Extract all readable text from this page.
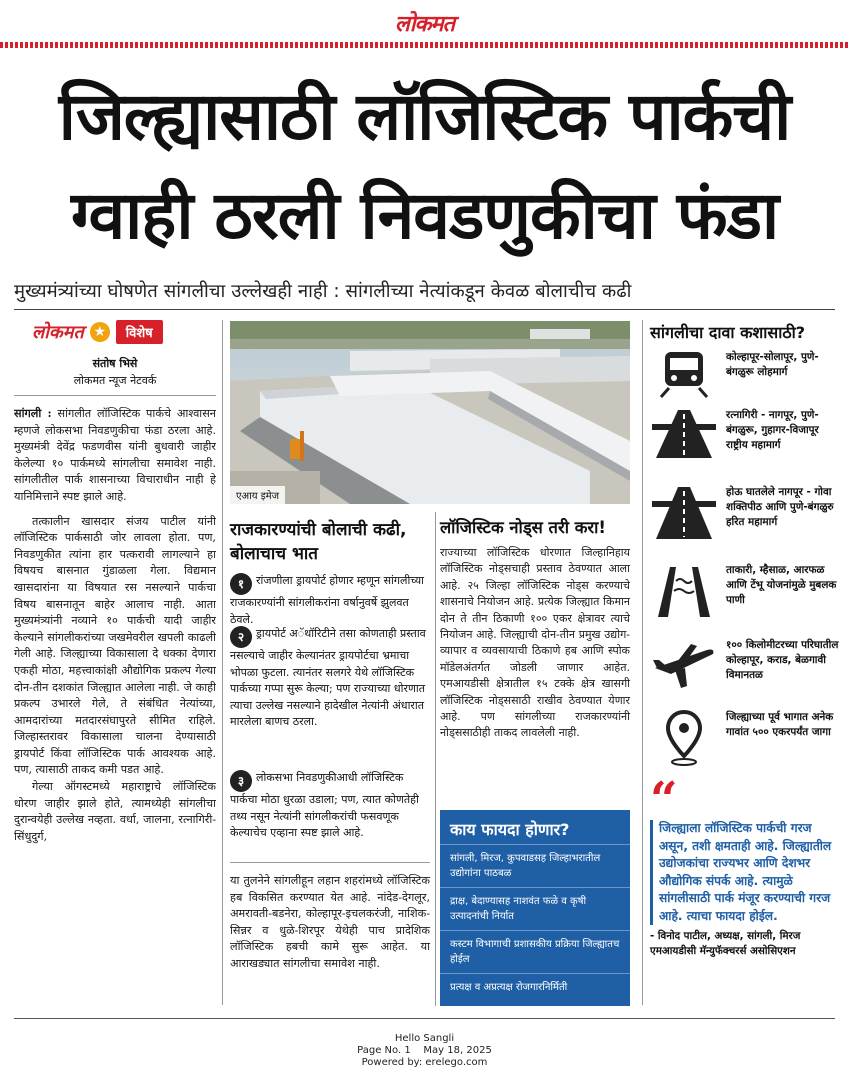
लोकमत
जिल्ह्यासाठी लॉजिस्टिक पार्कची
ग्वाही ठरली निवडणुकीचा फंडा
मुख्यमंत्र्यांच्या घोषणेत सांगलीचा उल्लेखही नाही : सांगलीच्या नेत्यांकडून केवळ बोलाचीच कढी
लोकमत ★	विशेष
संतोष भिसे
लोकमत न्यूज नेटवर्क

सांगली : सांगलीत लॉजिस्टिक पार्कचे आश्वासन म्हणजे लोकसभा निवडणुकीचा फंडा ठरला आहे. मुख्यमंत्री देवेंद्र फडणवीस यांनी बुधवारी जाहीर केलेल्या १० पार्कमध्ये सांगलीचा समावेश नाही. सांगलीतील पार्क शासनाच्या विचाराधीन नाही हे यानिमित्ताने स्पष्ट झाले आहे.

तत्कालीन खासदार संजय पाटील यांनी लॉजिस्टिक पार्कसाठी जोर लावला होता. पण, निवडणुकीत त्यांना हार पत्करावी लागल्याने हा विषयच बासनात गुंडाळला गेला. विद्यमान खासदारांना या विषयात रस नसल्याने पार्कचा विषय बासनातून बाहेर आलाच नाही. आता मुख्यमंत्र्यांनी नव्याने १० पार्कची यादी जाहीर केल्याने सांगलीकरांच्या जखमेवरील खपली काढली गेली आहे. जिल्ह्याच्या विकासाला दे धक्का देणारा एकही मोठा, महत्त्वाकांक्षी औद्योगिक प्रकल्प गेल्या दोन-तीन दशकांत जिल्ह्यात आलेला नाही. जे काही प्रकल्प उभारले गेले, ते संबंधित नेत्यांच्या, आमदारांच्या मतदारसंघापुरते सीमित राहिले. जिल्हास्तरावर विकासाला चालना देण्यासाठी ड्रायपोर्ट किंवा लॉजिस्टिक पार्क आवश्यक आहे. पण, त्यासाठी ताकद कमी पडत आहे.

गेल्या ऑगस्टमध्ये महाराष्ट्राचे लॉजिस्टिक धोरण जाहीर झाले होते, त्यामध्येही सांगलीचा दुरान्वयेही उल्लेख नव्हता. वर्धा, जालना, रत्नागिरी-सिंधुदुर्ग,

एआय इमेज
राजकारण्यांची बोलाची कढी, बोलाचाच भात
१ रांजणीला ड्रायपोर्ट होणार म्हणून सांगलीच्या राजकारण्यांनी सांगलीकरांना वर्षानुवर्षे झुलवत ठेवले.
२ ड्रायपोर्ट अॅथॉरिटीने तसा कोणताही प्रस्ताव नसल्याचे जाहीर केल्यानंतर ड्रायपोर्टचा भ्रमाचा भोपळा फुटला. त्यानंतर सलगरे येथे लॉजिस्टिक पार्कच्या गप्पा सुरू केल्या; पण राज्याच्या धोरणात त्याचा उल्लेख नसल्याने हादेखील नेत्यांनी अंधारात मारलेला बाणच ठरला.
३ लोकसभा निवडणुकीआधी लॉजिस्टिक पार्कचा मोठा धुरळा उडाला; पण, त्यात कोणतेही तथ्य नसून नेत्यांनी सांगलीकरांची फसवणूक केल्याचेच एव्हाना स्पष्ट झाले आहे.
या तुलनेने सांगलीहून लहान शहरांमध्ये लॉजिस्टिक हब विकसित करण्यात येत आहे. नांदेड-देगलूर, अमरावती-बडनेरा, कोल्हापूर-इचलकरंजी, नाशिक-सिन्नर व धुळे-शिरपूर येथेही पाच प्रादेशिक लॉजिस्टिक हबची कामे सुरू आहेत. या आराखड्यात सांगलीचा समावेश नाही.
लॉजिस्टिक नोड्स तरी करा!
राज्याच्या लॉजिस्टिक धोरणात जिल्हानिहाय लॉजिस्टिक नोड्सचाही प्रस्ताव ठेवण्यात आला आहे. २५ जिल्हा लॉजिस्टिक नोड्स करण्याचे शासनाचे नियोजन आहे. प्रत्येक जिल्ह्यात किमान दोन ते तीन ठिकाणी १०० एकर क्षेत्रावर त्याचे नियोजन आहे. जिल्ह्याची दोन-तीन प्रमुख उद्योग-व्यापार व व्यवसायाची ठिकाणे हब आणि स्पोक मॉडेलअंतर्गत जोडली जाणार आहेत. एमआयडीसी क्षेत्रातील १५ टक्के क्षेत्र खासगी लॉजिस्टिक नोड्ससाठी राखीव ठेवण्यात येणार आहे. पण सांगलीच्या राजकारण्यांनी नोड्ससाठीही ताकद लावलेली नाही.
काय फायदा होणार?
सांगली, मिरज, कुपवाडसह जिल्हाभरातील उद्योगांना पाठबळ
द्राक्ष, बेदाण्यासह नाशवंत फळे व कृषी उत्पादनांची निर्यात
कस्टम विभागाची प्रशासकीय प्रक्रिया जिल्ह्यातच होईल
प्रत्यक्ष व अप्रत्यक्ष रोजगारनिर्मिती
सांगलीचा दावा कशासाठी?
कोल्हापूर-सोलापूर, पुणे-बंगळुरू लोहमार्ग
रत्नागिरी - नागपूर, पुणे-बंगळुरू, गुहागर-विजापूर राष्ट्रीय महामार्ग
होऊ घातलेले नागपूर - गोवा शक्तिपीठ आणि पुणे-बंगळुरु हरित महामार्ग
ताकारी, म्हैसाळ, आरफळ आणि टेंभू योजनांमुळे मुबलक पाणी
१०० किलोमीटरच्या परिघातील कोल्हापूर, कराड, बेळगावी विमानतळ
जिल्ह्याच्या पूर्व भागात अनेक गावांत ५०० एकरपर्यंत जागा
“
जिल्ह्याला लॉजिस्टिक पार्कची गरज असून, तशी क्षमताही आहे. जिल्ह्यातील उद्योजकांचा राज्यभर आणि देशभर औद्योगिक संपर्क आहे. त्यामुळे सांगलीसाठी पार्क मंजूर करण्याची गरज आहे. त्याचा फायदा होईल.
- विनोद पाटील, अध्यक्ष, सांगली, मिरज एमआयडीसी मॅन्युफॅक्चरर्स असोसिएशन
Hello Sangli
Page No. 1    May 18, 2025
Powered by: erelego.com
